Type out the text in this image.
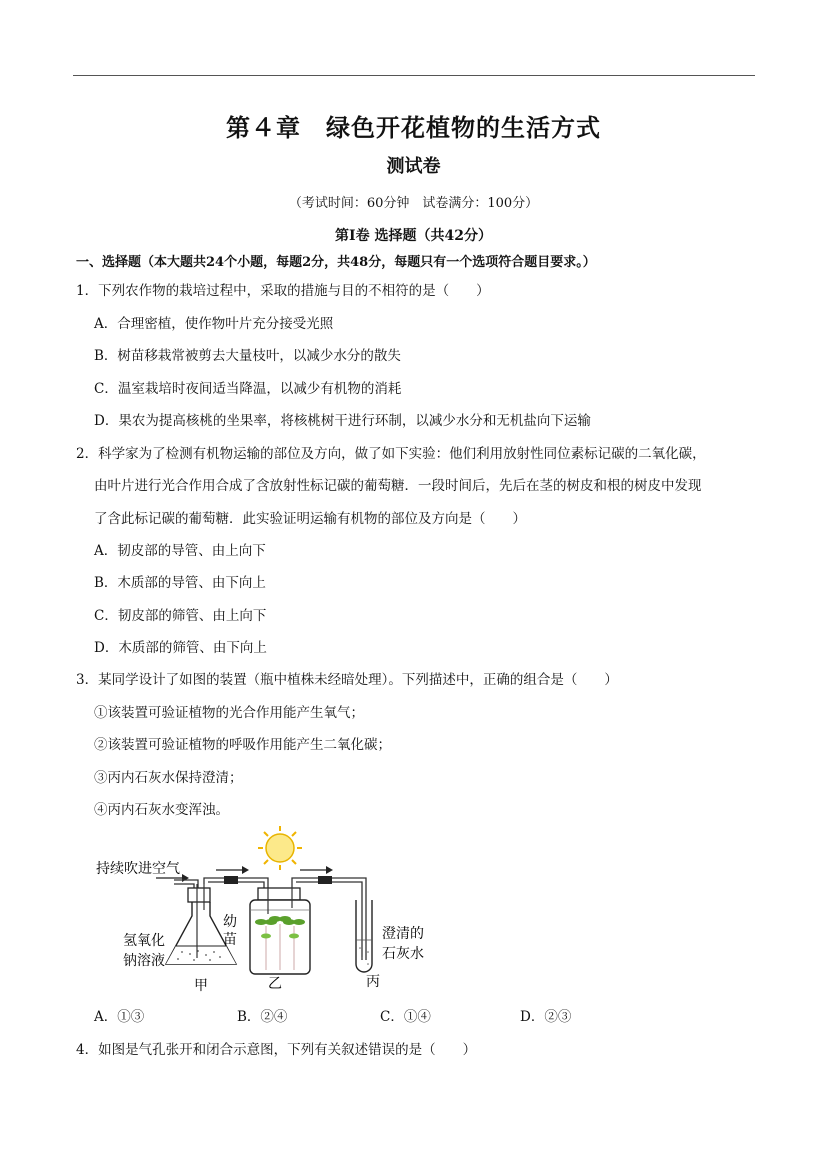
第４章　绿色开花植物的生活方式
测试卷
（考试时间：60分钟　试卷满分：100分）
第Ⅰ卷 选择题（共42分）
一、选择题（本大题共24个小题，每题2分，共48分，每题只有一个选项符合题目要求。）
1．下列农作物的栽培过程中，采取的措施与目的不相符的是（　　）
A．合理密植，使作物叶片充分接受光照
B．树苗移栽常被剪去大量枝叶，以减少水分的散失
C．温室栽培时夜间适当降温，以减少有机物的消耗
D．果农为提高核桃的坐果率，将核桃树干进行环制，以减少水分和无机盐向下运输
2．科学家为了检测有机物运输的部位及方向，做了如下实验：他们利用放射性同位素标记碳的二氧化碳，
由叶片进行光合作用合成了含放射性标记碳的葡萄糖．一段时间后，先后在茎的树皮和根的树皮中发现
了含此标记碳的葡萄糖．此实验证明运输有机物的部位及方向是（　　）
A．韧皮部的导管、由上向下
B．木质部的导管、由下向上
C．韧皮部的筛管、由上向下
D．木质部的筛管、由下向上
3．某同学设计了如图的装置（瓶中植株未经暗处理）。下列描述中，正确的组合是（　　）
①该装置可验证植物的光合作用能产生氧气；
②该装置可验证植物的呼吸作用能产生二氧化碳；
③丙内石灰水保持澄清；
④丙内石灰水变浑浊。
持续吹进空气
氢氧化
钠溶液
甲
幼
苗
乙
澄清的
石灰水
丙
A．①③	B．②④	C．①④	D．②③
4．如图是气孔张开和闭合示意图，下列有关叙述错误的是（　　）
